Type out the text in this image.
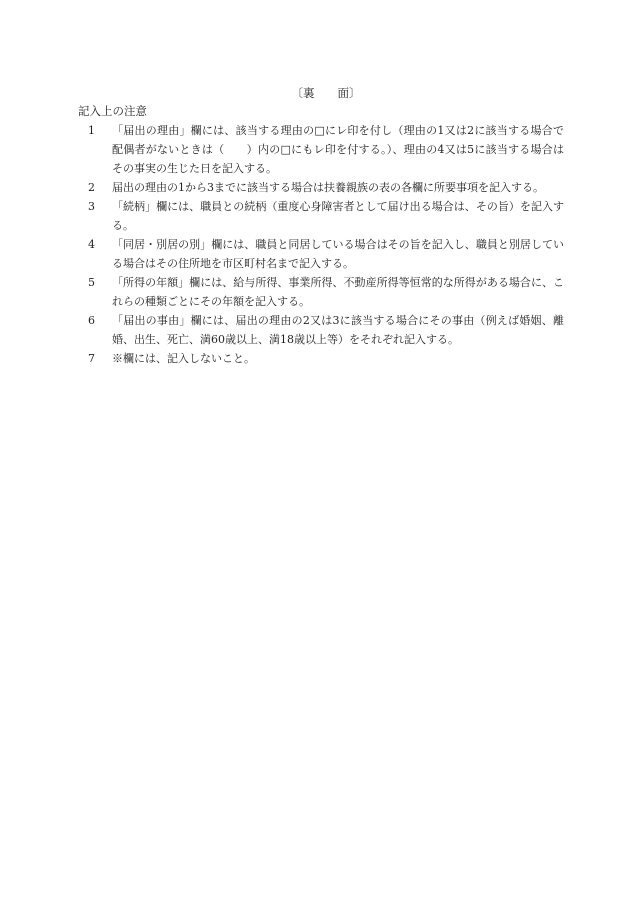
〔裏　　面〕
記入上の注意
1 「届出の理由」欄には、該当する理由の□にレ印を付し（理由の1又は2に該当する場合で配偶者がないときは（　　）内の□にもレ印を付する。）、理由の4又は5に該当する場合はその事実の生じた日を記入する。
2 届出の理由の1から3までに該当する場合は扶養親族の表の各欄に所要事項を記入する。
3 「続柄」欄には、職員との続柄（重度心身障害者として届け出る場合は、その旨）を記入する。
4 「同居・別居の別」欄には、職員と同居している場合はその旨を記入し、職員と別居している場合はその住所地を市区町村名まで記入する。
5 「所得の年額」欄には、給与所得、事業所得、不動産所得等恒常的な所得がある場合に、これらの種類ごとにその年額を記入する。
6 「届出の事由」欄には、届出の理由の2又は3に該当する場合にその事由（例えば婚姻、離婚、出生、死亡、満60歳以上、満18歳以上等）をそれぞれ記入する。
7 ※欄には、記入しないこと。
